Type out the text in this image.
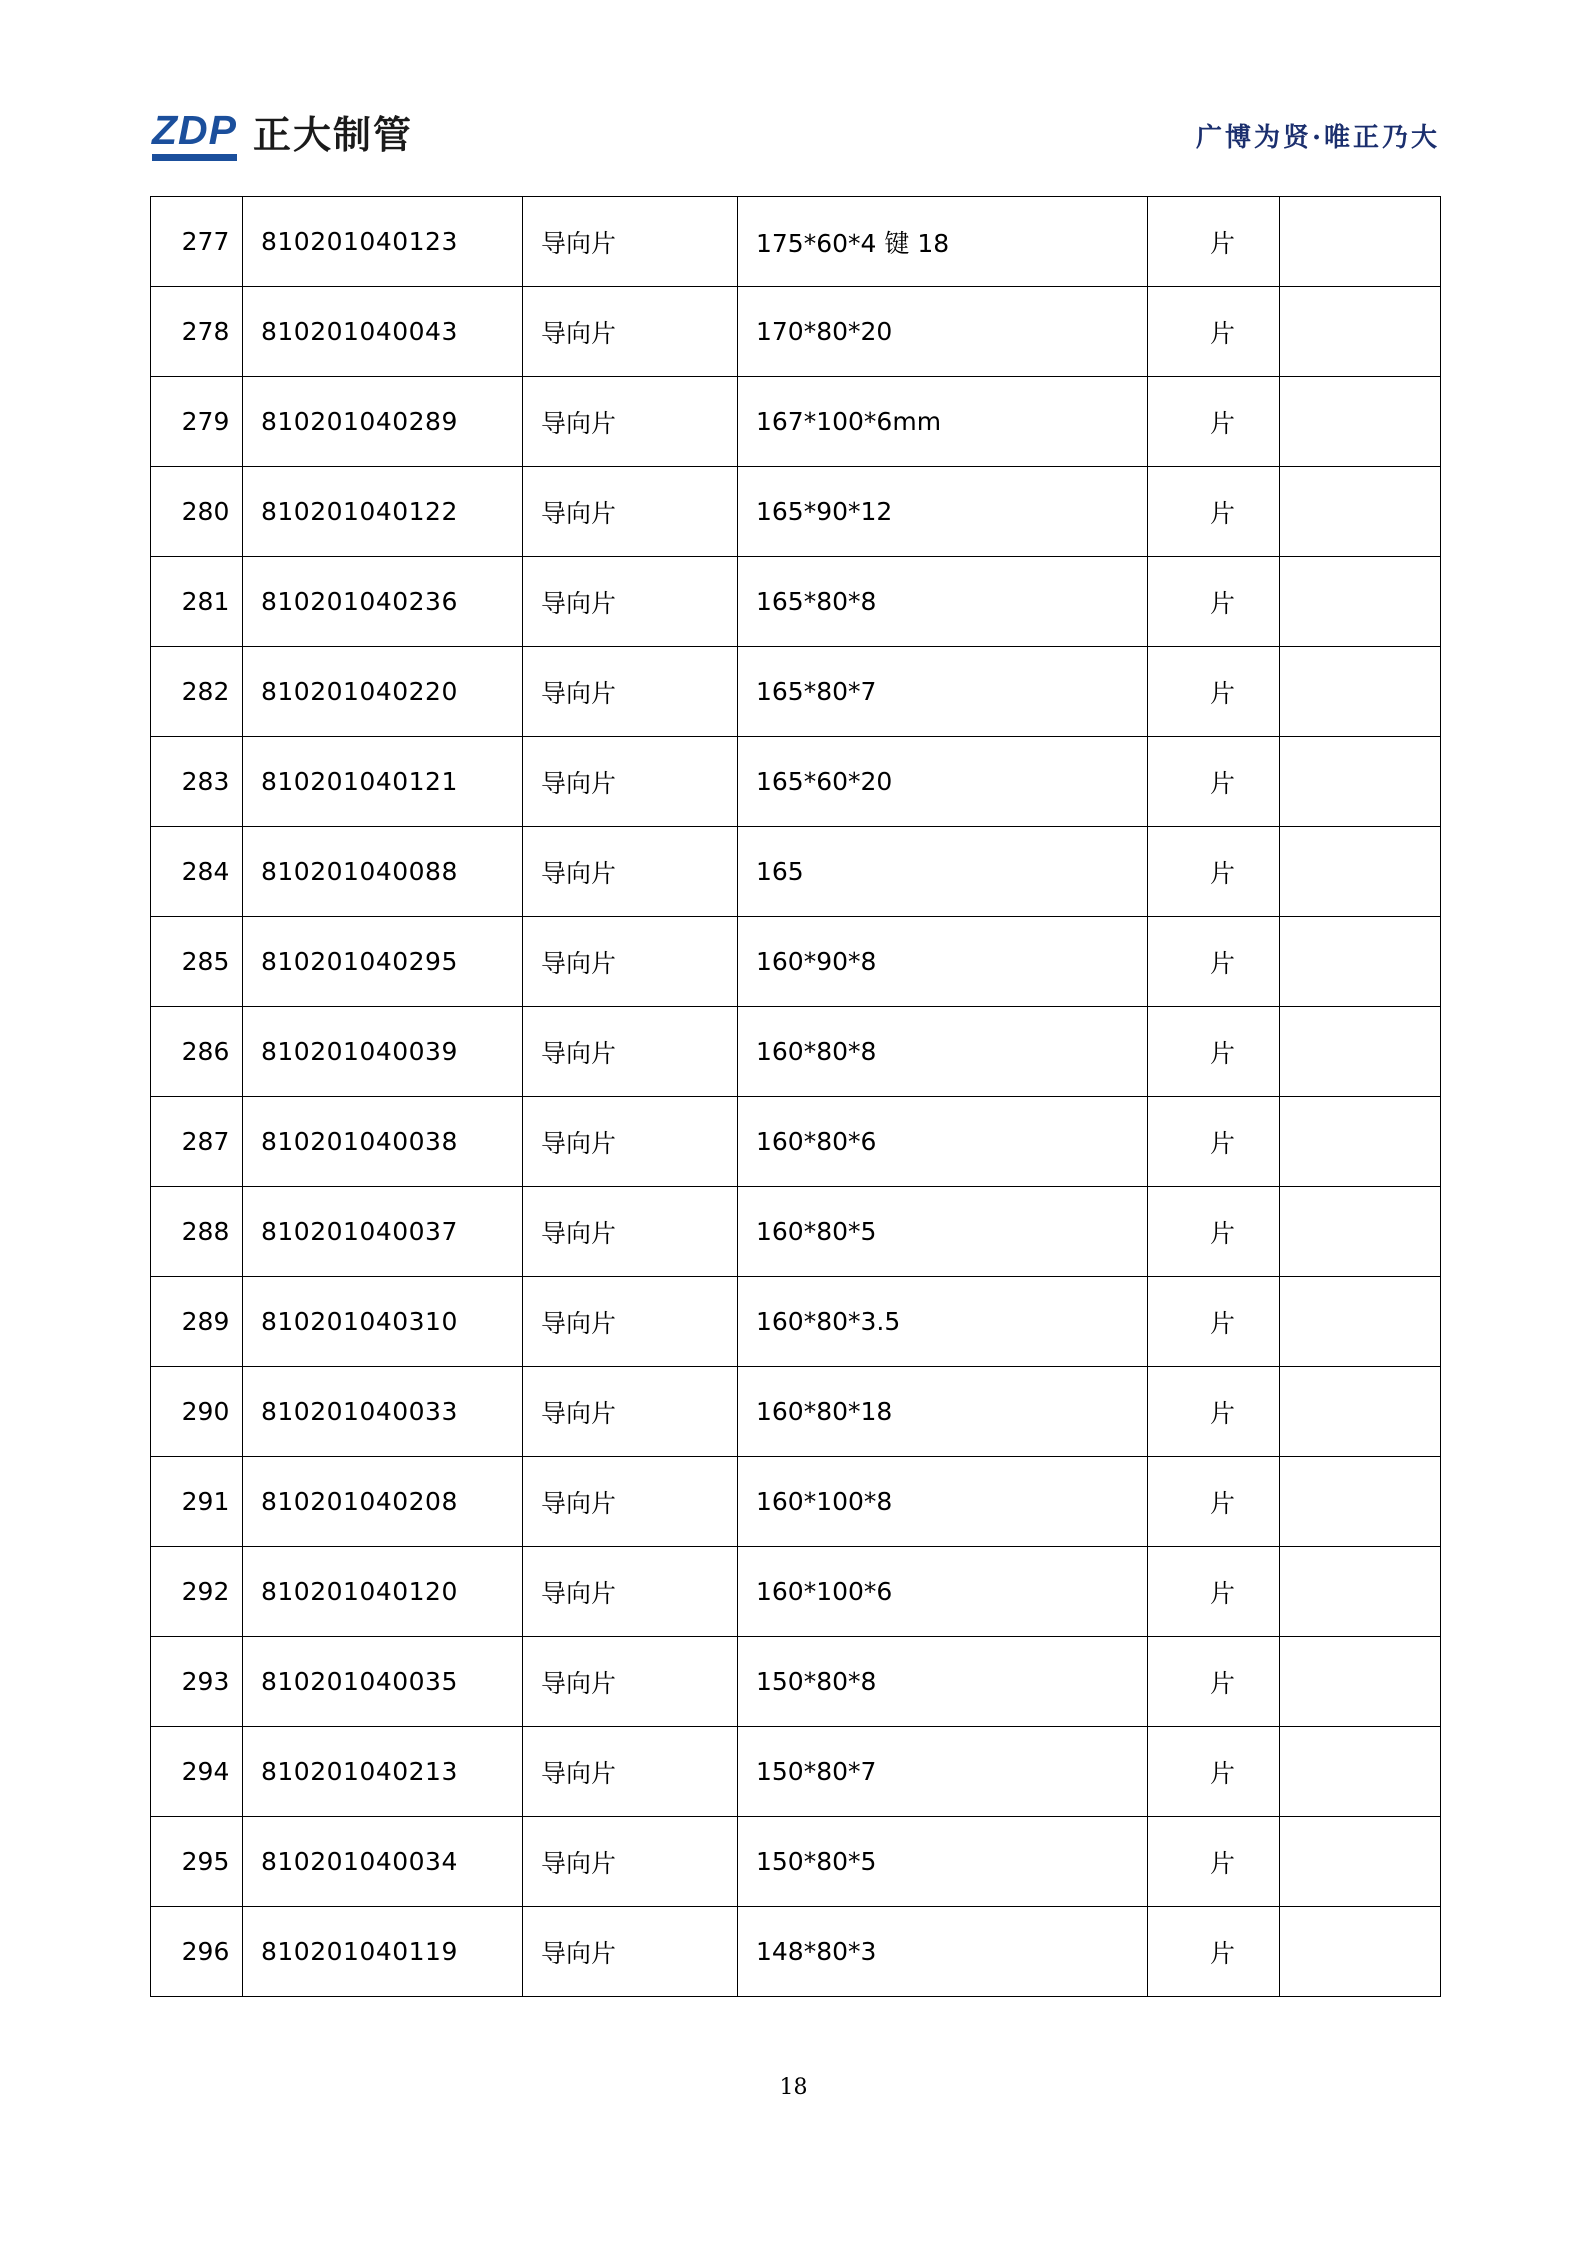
ZDP 正大制管	广博为贤·唯正乃大
277	810201040123	导向片	175*60*4 键 18	片	
278	810201040043	导向片	170*80*20	片	
279	810201040289	导向片	167*100*6mm	片	
280	810201040122	导向片	165*90*12	片	
281	810201040236	导向片	165*80*8	片	
282	810201040220	导向片	165*80*7	片	
283	810201040121	导向片	165*60*20	片	
284	810201040088	导向片	165	片	
285	810201040295	导向片	160*90*8	片	
286	810201040039	导向片	160*80*8	片	
287	810201040038	导向片	160*80*6	片	
288	810201040037	导向片	160*80*5	片	
289	810201040310	导向片	160*80*3.5	片	
290	810201040033	导向片	160*80*18	片	
291	810201040208	导向片	160*100*8	片	
292	810201040120	导向片	160*100*6	片	
293	810201040035	导向片	150*80*8	片	
294	810201040213	导向片	150*80*7	片	
295	810201040034	导向片	150*80*5	片	
296	810201040119	导向片	148*80*3	片	
18
